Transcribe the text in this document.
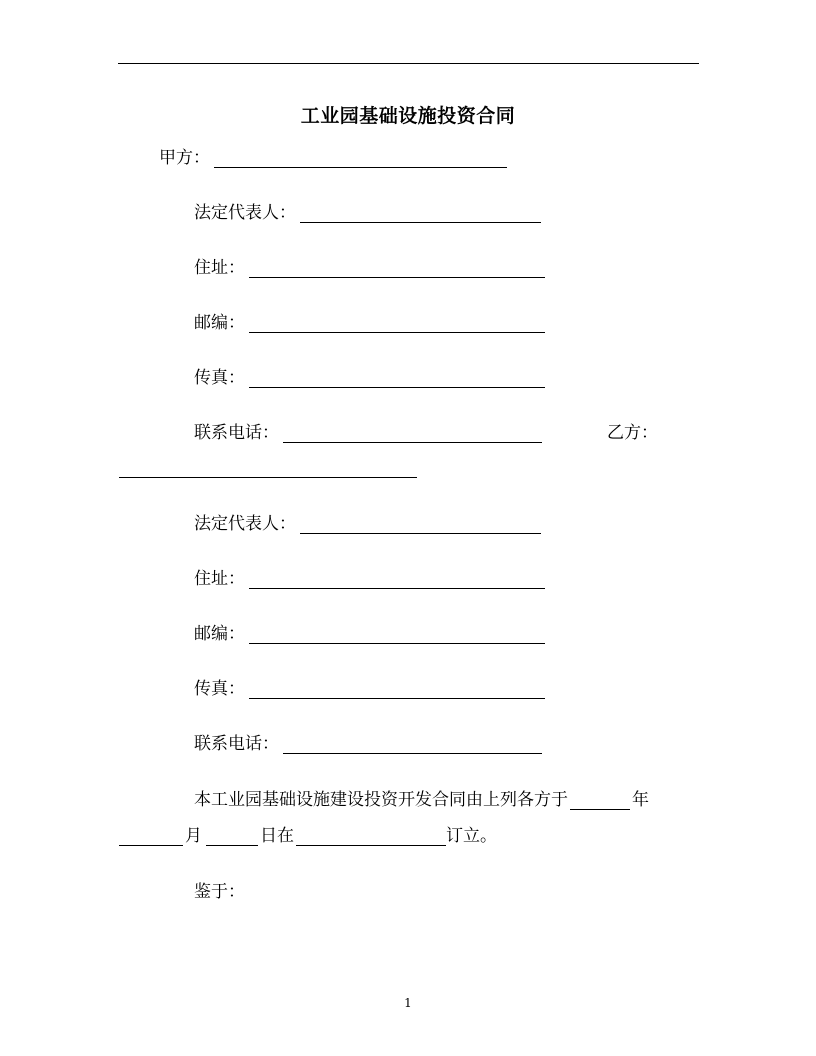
工业园基础设施投资合同
甲方：
法定代表人：
住址：
邮编：
传真：
联系电话：	乙方：
法定代表人：
住址：
邮编：
传真：
联系电话：
本工业园基础设施建设投资开发合同由上列各方于	年
月	日在	订立。
鉴于：
1
